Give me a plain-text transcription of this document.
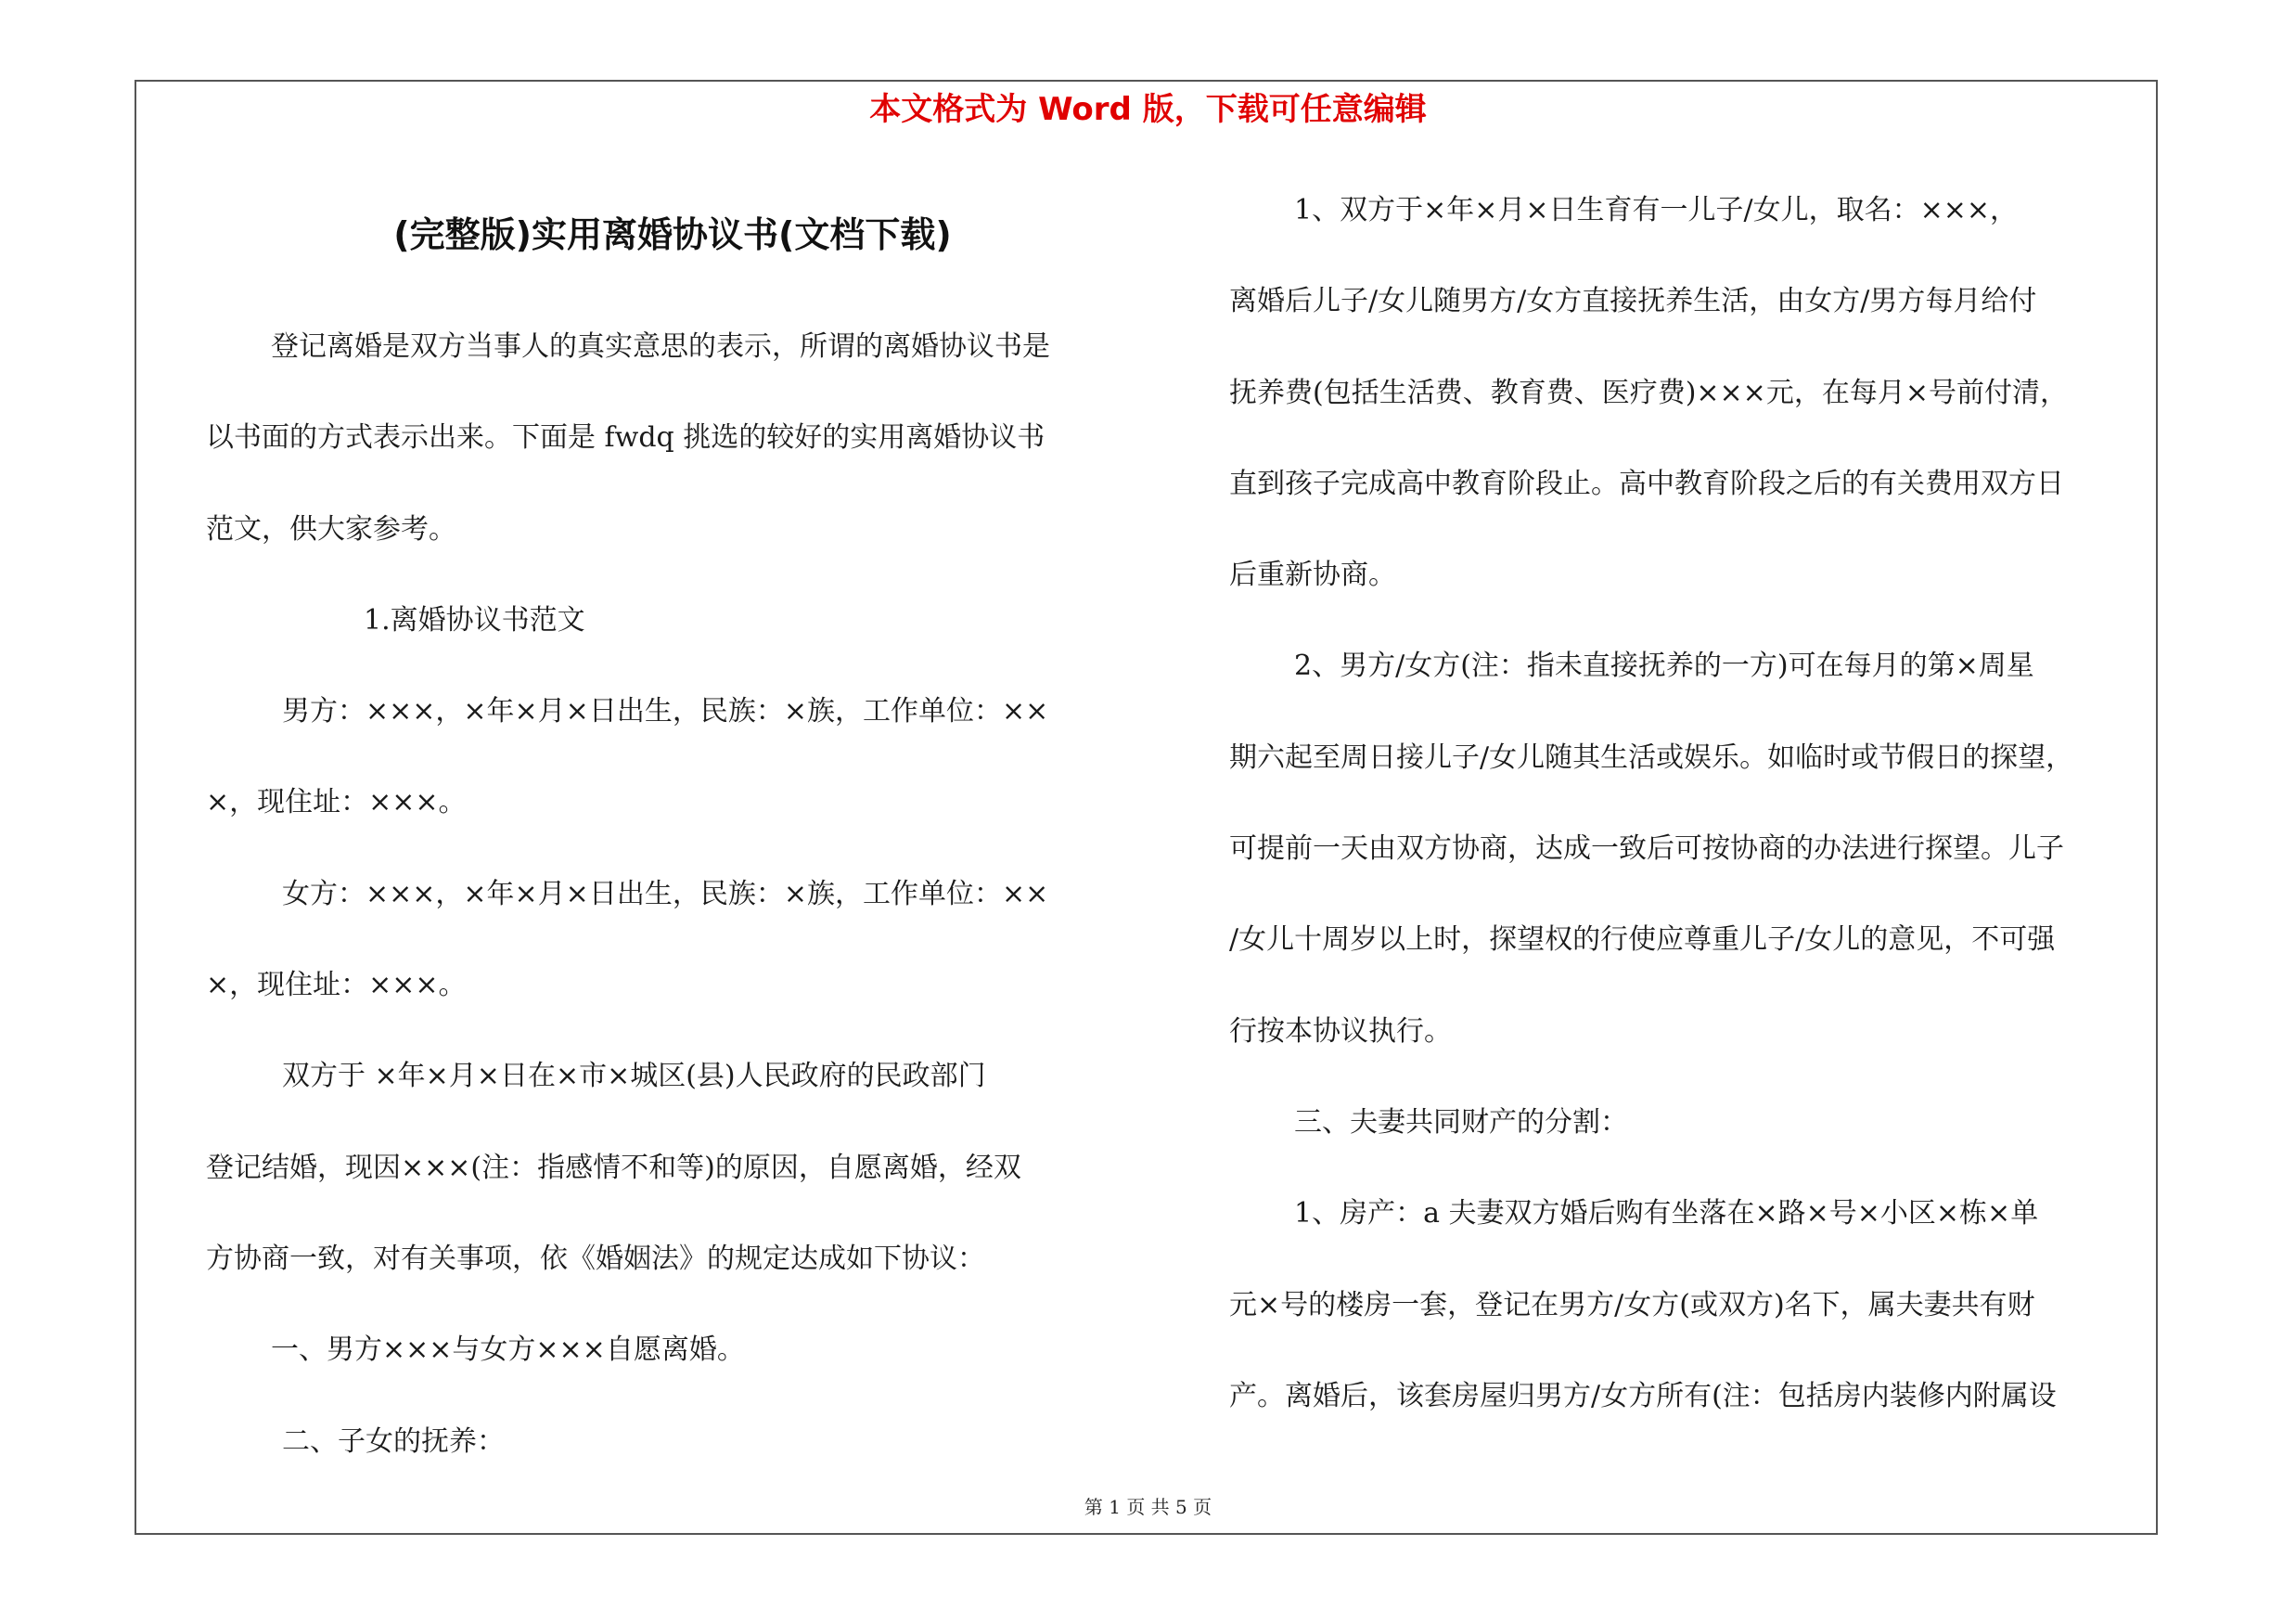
本文格式为 Word 版，下载可任意编辑
(完整版)实用离婚协议书(文档下载)
登记离婚是双方当事人的真实意思的表示，所谓的离婚协议书是
以书面的方式表示出来。下面是 fwdq 挑选的较好的实用离婚协议书
范文，供大家参考。
1.离婚协议书范文
男方：×××，×年×月×日出生，民族：×族，工作单位：××
×，现住址：×××。
女方：×××，×年×月×日出生，民族：×族，工作单位：××
×，现住址：×××。
双方于 ×年×月×日在×市×城区(县)人民政府的民政部门
登记结婚，现因×××(注：指感情不和等)的原因，自愿离婚，经双
方协商一致，对有关事项，依《婚姻法》的规定达成如下协议：
一、男方×××与女方×××自愿离婚。
二、子女的抚养：
1、双方于×年×月×日生育有一儿子/女儿，取名：×××，
离婚后儿子/女儿随男方/女方直接抚养生活，由女方/男方每月给付
抚养费(包括生活费、教育费、医疗费)×××元，在每月×号前付清，
直到孩子完成高中教育阶段止。高中教育阶段之后的有关费用双方日
后重新协商。
2、男方/女方(注：指未直接抚养的一方)可在每月的第×周星
期六起至周日接儿子/女儿随其生活或娱乐。如临时或节假日的探望，
可提前一天由双方协商，达成一致后可按协商的办法进行探望。儿子
/女儿十周岁以上时，探望权的行使应尊重儿子/女儿的意见，不可强
行按本协议执行。
三、夫妻共同财产的分割：
1、房产：a 夫妻双方婚后购有坐落在×路×号×小区×栋×单
元×号的楼房一套，登记在男方/女方(或双方)名下，属夫妻共有财
产。离婚后，该套房屋归男方/女方所有(注：包括房内装修内附属设
第 1 页 共 5 页
